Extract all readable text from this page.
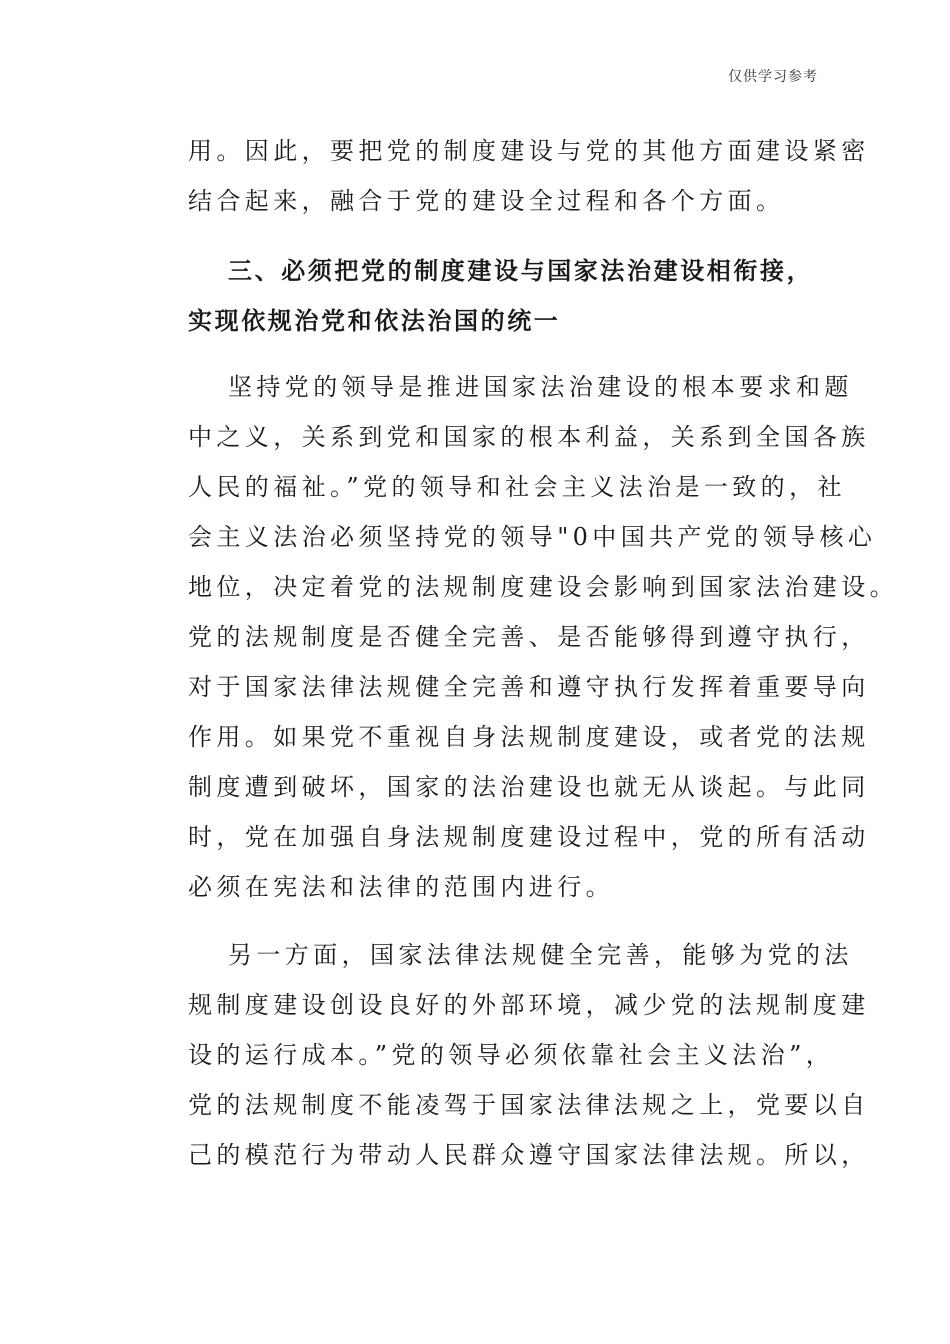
仅供学习参考

用。因此，要把党的制度建设与党的其他方面建设紧密
结合起来，融合于党的建设全过程和各个方面。

三、必须把党的制度建设与国家法治建设相衔接，
实现依规治党和依法治国的统一

坚持党的领导是推进国家法治建设的根本要求和题
中之义，关系到党和国家的根本利益，关系到全国各族
人民的福祉。”党的领导和社会主义法治是一致的，社
会主义法治必须坚持党的领导"0中国共产党的领导核心
地位，决定着党的法规制度建设会影响到国家法治建设。
党的法规制度是否健全完善、是否能够得到遵守执行，
对于国家法律法规健全完善和遵守执行发挥着重要导向
作用。如果党不重视自身法规制度建设，或者党的法规
制度遭到破坏，国家的法治建设也就无从谈起。与此同
时，党在加强自身法规制度建设过程中，党的所有活动
必须在宪法和法律的范围内进行。

另一方面，国家法律法规健全完善，能够为党的法
规制度建设创设良好的外部环境，减少党的法规制度建
设的运行成本。”党的领导必须依靠社会主义法治”，
党的法规制度不能凌驾于国家法律法规之上，党要以自
己的模范行为带动人民群众遵守国家法律法规。所以，
